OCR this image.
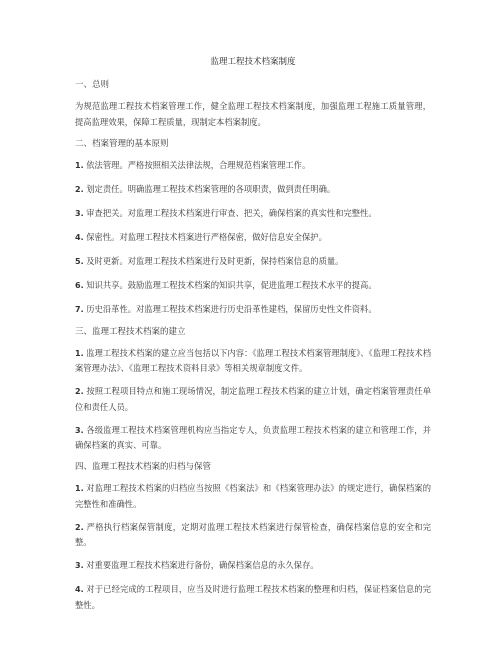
监理工程技术档案制度
一、总则

为规范监理工程技术档案管理工作，健全监理工程技术档案制度，加强监理工程施工质量管理，提高监理效果，保障工程质量，现制定本档案制度。

二、档案管理的基本原则

1. 依法管理。严格按照相关法律法规，合理规范档案管理工作。

2. 划定责任。明确监理工程技术档案管理的各项职责，做到责任明确。

3. 审查把关。对监理工程技术档案进行审查、把关，确保档案的真实性和完整性。

4. 保密性。对监理工程技术档案进行严格保密，做好信息安全保护。

5. 及时更新。对监理工程技术档案进行及时更新，保持档案信息的质量。

6. 知识共享。鼓励监理工程技术档案的知识共享，促进监理工程技术水平的提高。

7. 历史沿革性。对监理工程技术档案进行历史沿革性建档，保留历史性文件资料。

三、监理工程技术档案的建立

1. 监理工程技术档案的建立应当包括以下内容：《监理工程技术档案管理制度》、《监理工程技术档案管理办法》、《监理工程技术资料目录》等相关规章制度文件。

2. 按照工程项目特点和施工现场情况，制定监理工程技术档案的建立计划，确定档案管理责任单位和责任人员。

3. 各级监理工程技术档案管理机构应当指定专人，负责监理工程技术档案的建立和管理工作，并确保档案的真实、可靠。

四、监理工程技术档案的归档与保管

1. 对监理工程技术档案的归档应当按照《档案法》和《档案管理办法》的规定进行，确保档案的完整性和准确性。

2. 严格执行档案保管制度，定期对监理工程技术档案进行保管检查，确保档案信息的安全和完整。

3. 对重要监理工程技术档案进行备份，确保档案信息的永久保存。

4. 对于已经完成的工程项目，应当及时进行监理工程技术档案的整理和归档，保证档案信息的完整性。
